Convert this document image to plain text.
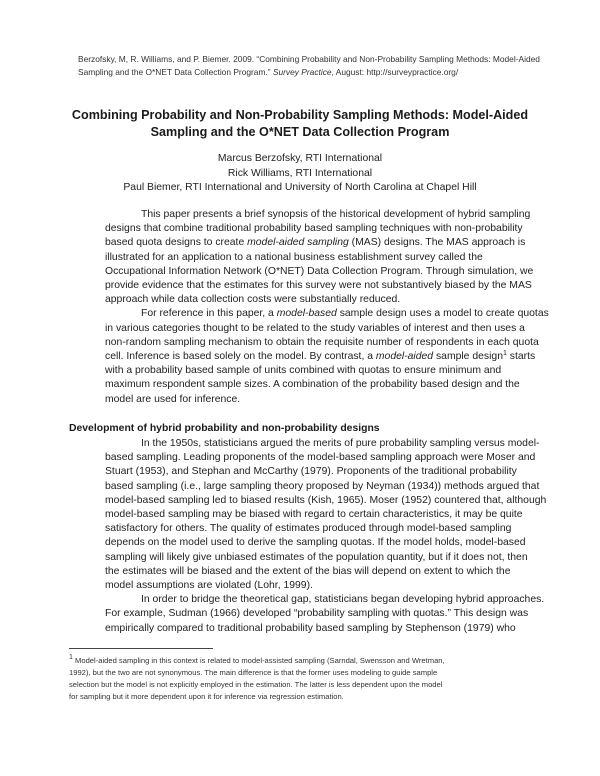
Berzofsky, M, R. Williams, and P. Biemer. 2009. “Combining Probability and Non-Probability Sampling Methods: Model-Aided Sampling and the O*NET Data Collection Program.” Survey Practice, August: http://surveypractice.org/
Combining Probability and Non-Probability Sampling Methods: Model-Aided
Sampling and the O*NET Data Collection Program
Marcus Berzofsky, RTI International
Rick Williams, RTI International
Paul Biemer, RTI International and University of North Carolina at Chapel Hill

This paper presents a brief synopsis of the historical development of hybrid sampling
designs that combine traditional probability based sampling techniques with non-probability
based quota designs to create model-aided sampling (MAS) designs. The MAS approach is
illustrated for an application to a national business establishment survey called the
Occupational Information Network (O*NET) Data Collection Program. Through simulation, we
provide evidence that the estimates for this survey were not substantively biased by the MAS
approach while data collection costs were substantially reduced.

For reference in this paper, a model-based sample design uses a model to create quotas
in various categories thought to be related to the study variables of interest and then uses a
non-random sampling mechanism to obtain the requisite number of respondents in each quota
cell. Inference is based solely on the model. By contrast, a model-aided sample design$^1$ starts
with a probability based sample of units combined with quotas to ensure minimum and
maximum respondent sample sizes. A combination of the probability based design and the
model are used for inference.

Development of hybrid probability and non-probability designs

In the 1950s, statisticians argued the merits of pure probability sampling versus model-
based sampling. Leading proponents of the model-based sampling approach were Moser and
Stuart (1953), and Stephan and McCarthy (1979). Proponents of the traditional probability
based sampling (i.e., large sampling theory proposed by Neyman (1934)) methods argued that
model-based sampling led to biased results (Kish, 1965). Moser (1952) countered that, although
model-based sampling may be biased with regard to certain characteristics, it may be quite
satisfactory for others. The quality of estimates produced through model-based sampling
depends on the model used to derive the sampling quotas. If the model holds, model-based
sampling will likely give unbiased estimates of the population quantity, but if it does not, then
the estimates will be biased and the extent of the bias will depend on extent to which the
model assumptions are violated (Lohr, 1999).

In order to bridge the theoretical gap, statisticians began developing hybrid approaches.
For example, Sudman (1966) developed “probability sampling with quotas.” This design was
empirically compared to traditional probability based sampling by Stephenson (1979) who

$^1$ Model-aided sampling in this context is related to model-assisted sampling (Sarndal, Swensson and Wretman,
1992), but the two are not synonymous. The main difference is that the former uses modeling to guide sample
selection but the model is not explicitly employed in the estimation. The latter is less dependent upon the model
for sampling but it more dependent upon it for inference via regression estimation.
